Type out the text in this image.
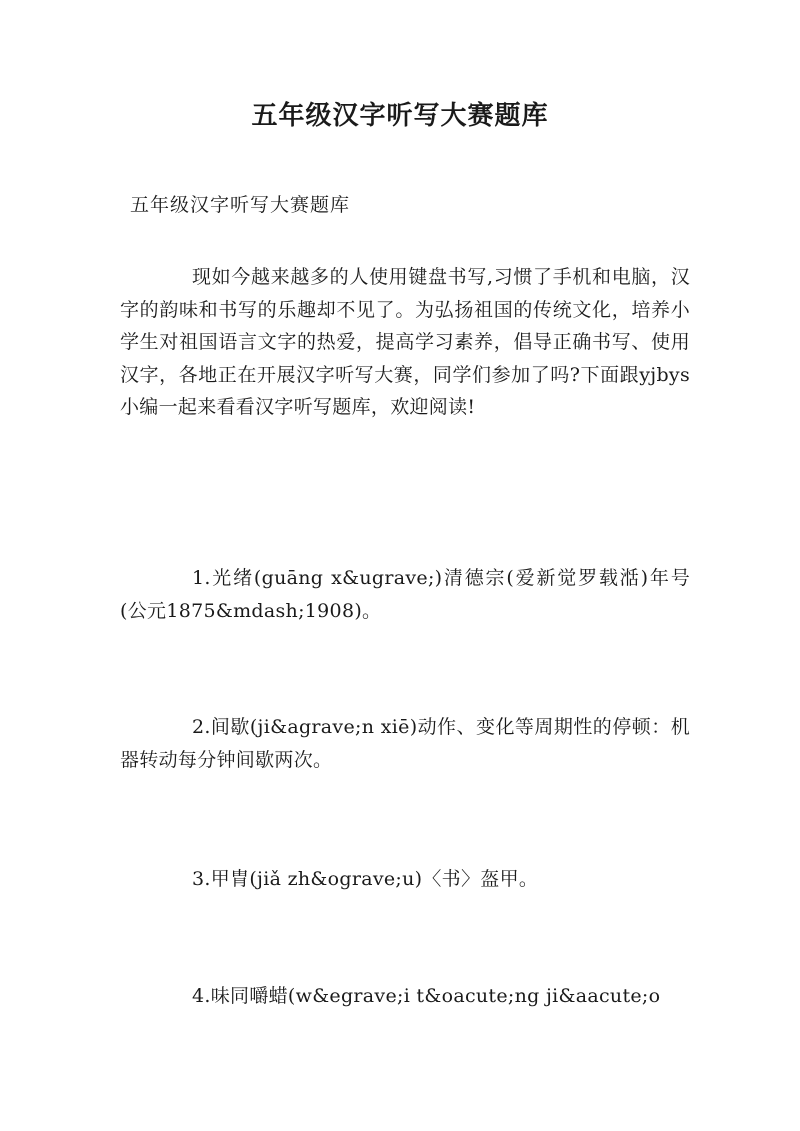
五年级汉字听写大赛题库

五年级汉字听写大赛题库

现如今越来越多的人使用键盘书写,习惯了手机和电脑，汉字的韵味和书写的乐趣却不见了。为弘扬祖国的传统文化，培养小学生对祖国语言文字的热爱，提高学习素养，倡导正确书写、使用汉字，各地正在开展汉字听写大赛，同学们参加了吗?下面跟yjbys小编一起来看看汉字听写题库，欢迎阅读!

1.光绪(guāng x&ugrave;)清德宗(爱新觉罗载湉)年号(公元1875&mdash;1908)。

2.间歇(ji&agrave;n xiē)动作、变化等周期性的停顿：机器转动每分钟间歇两次。

3.甲胄(jiǎ zh&ograve;u)〈书〉盔甲。

4.味同嚼蜡(w&egrave;i t&oacute;ng ji&aacute;o
